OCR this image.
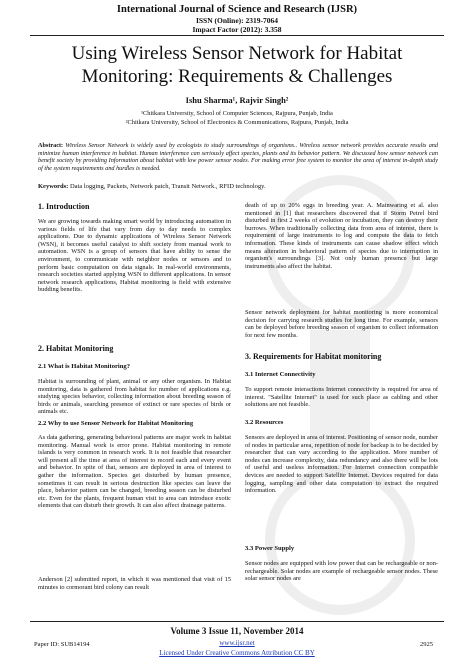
International Journal of Science and Research (IJSR)
ISSN (Online): 2319-7064
Impact Factor (2012): 3.358
Using Wireless Sensor Network for Habitat
Monitoring: Requirements & Challenges
Ishu Sharma¹, Rajvir Singh²
¹Chitkara University, School of Computer Sciences, Rajpura, Punjab, India
²Chitkara University, School of Electronics & Communications, Rajpura, Punjab, India
Abstract: Wireless Sensor Network is widely used by ecologists to study surroundings of organisms.. Wireless sensor network provides accurate results and minimize human interference in habitat. Human interference can seriously affect species, plants and its behavior pattern. We discussed how sensor network can benefit society by providing Information about habitat with low power sensor nodes. For making error free system to monitor the area of interest in-depth study of the system requirements and hurdles is needed.
Keywords: Data logging, Packets, Network patch, Transit Network., RFID technology.
1. Introduction
We are growing towards making smart world by introducing automation in various fields of life that vary from day to day needs to complex applications. Due to dynamic applications of Wireless Sensor Network (WSN), it becomes useful catalyst to shift society from manual work to automation. WSN is a group of sensors that have ability to sense the environment, to communicate with neighbor nodes or sensors and to perform basic computation on data signals. In real-world environments, research societies started applying WSN to different applications. In sensor network research applications, Habitat monitoring is field with extensive budding benefits.
2. Habitat Monitoring
2.1 What is Habitat Monitoring?
Habitat is surrounding of plant, animal or any other organism. In Habitat monitoring, data is gathered from habitat for number of applications e.g. studying species behavior, collecting information about breeding season of birds or animals, searching presence of extinct or rare species of birds or animals etc.
2.2 Why to use Sensor Network for Habitat Monitoring
As data gathering, generating behavioral patterns are major work in habitat monitoring. Manual work is error prone. Habitat monitoring in remote islands is very common in research work. It is not feasible that researcher will present all the time at area of interest to record each and every event and behavior. In spite of that, sensors are deployed in area of interest to gather the information. Species get disturbed by human presence, sometimes it can result in serious destruction like species can leave the place, behavior pattern can be changed, breeding season can be disturbed etc. Even for the plants, frequent human visit to area can introduce exotic elements that can disturb their growth. It can also affect drainage patterns.
Anderson [2] submitted report, in which it was mentioned that visit of 15 minutes to cormorant bird colony can result
death of up to 20% eggs in breeding year. A. Mainwaring et al. also mentioned in [1] that researchers discovered that if Storm Petrel bird disturbed in first 2 weeks of evolution or incubation, they can destroy their burrows. When traditionally collecting data from area of interest, there is requirement of large instruments to log and compute the data to fetch information. These kinds of instruments can cause shadow effect which means alteration in behavioral pattern of species due to interruption in organism's surroundings [3]. Not only human presence but large instruments also affect the habitat.
Sensor network deployment for habitat monitoring is more economical decision for carrying research studies for long time. For example, sensors can be deployed before breeding season of organism to collect information for next few months.
3. Requirements for Habitat monitoring
3.1 Internet Connectivity
To support remote interactions Internet connectivity is required for area of interest. "Satellite Internet" is used for such place as cabling and other solutions are not feasible.
3.2 Resources
Sensors are deployed in area of interest. Positioning of sensor node, number of nodes in particular area, repetition of node for backup is to be decided by researcher that can vary according to the application. More number of nodes can increase complexity, data redundancy and also there will be lots of useful and useless information. For Internet connection compatible devices are needed to support Satellite Internet. Devices required for data logging, sampling and other data computation to extract the required information.
3.3 Power Supply
Sensor nodes are equipped with low power that can be rechargeable or non-rechargeable. Solar nodes are example of rechargeable sensor nodes. These solar sensor nodes are
Volume 3 Issue 11, November 2014
www.ijsr.net
Licensed Under Creative Commons Attribution CC BY
Paper ID: SUB14194	2925
